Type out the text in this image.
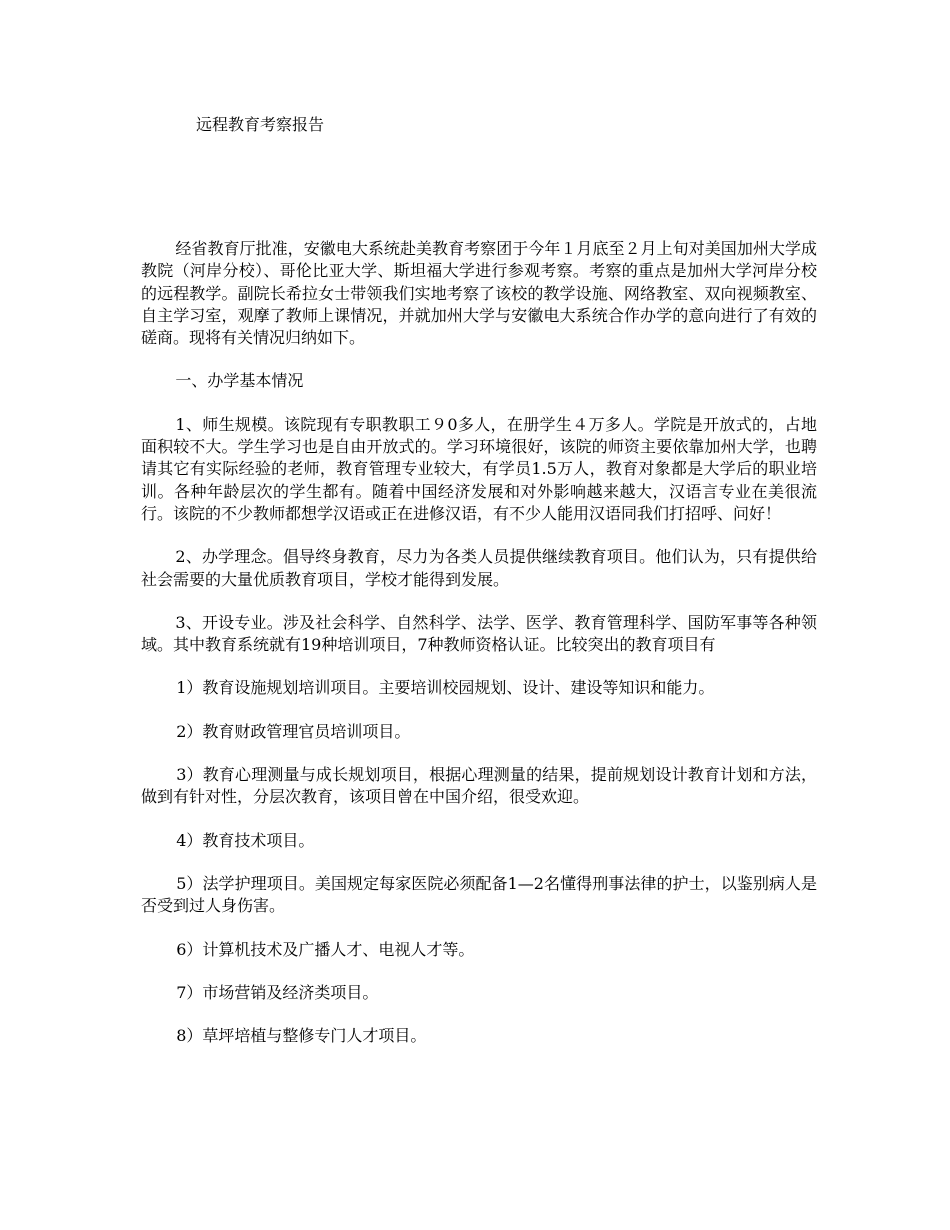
远程教育考察报告

经省教育厅批准，安徽电大系统赴美教育考察团于今年１月底至２月上旬对美国加州大学成教院（河岸分校）、哥伦比亚大学、斯坦福大学进行参观考察。考察的重点是加州大学河岸分校的远程教学。副院长希拉女士带领我们实地考察了该校的教学设施、网络教室、双向视频教室、自主学习室，观摩了教师上课情况，并就加州大学与安徽电大系统合作办学的意向进行了有效的磋商。现将有关情况归纳如下。

一、办学基本情况

1、师生规模。该院现有专职教职工９0多人，在册学生４万多人。学院是开放式的，占地面积较不大。学生学习也是自由开放式的。学习环境很好，该院的师资主要依靠加州大学，也聘请其它有实际经验的老师，教育管理专业较大，有学员1.5万人，教育对象都是大学后的职业培训。各种年龄层次的学生都有。随着中国经济发展和对外影响越来越大，汉语言专业在美很流行。该院的不少教师都想学汉语或正在进修汉语，有不少人能用汉语同我们打招呼、问好！

2、办学理念。倡导终身教育，尽力为各类人员提供继续教育项目。他们认为，只有提供给社会需要的大量优质教育项目，学校才能得到发展。

3、开设专业。涉及社会科学、自然科学、法学、医学、教育管理科学、国防军事等各种领域。其中教育系统就有19种培训项目，7种教师资格认证。比较突出的教育项目有

1）教育设施规划培训项目。主要培训校园规划、设计、建设等知识和能力。

2）教育财政管理官员培训项目。

3）教育心理测量与成长规划项目，根据心理测量的结果，提前规划设计教育计划和方法，做到有针对性，分层次教育，该项目曾在中国介绍，很受欢迎。

4）教育技术项目。

5）法学护理项目。美国规定每家医院必须配备1—2名懂得刑事法律的护士，以鉴别病人是否受到过人身伤害。

6）计算机技术及广播人才、电视人才等。

7）市场营销及经济类项目。

8）草坪培植与整修专门人才项目。
